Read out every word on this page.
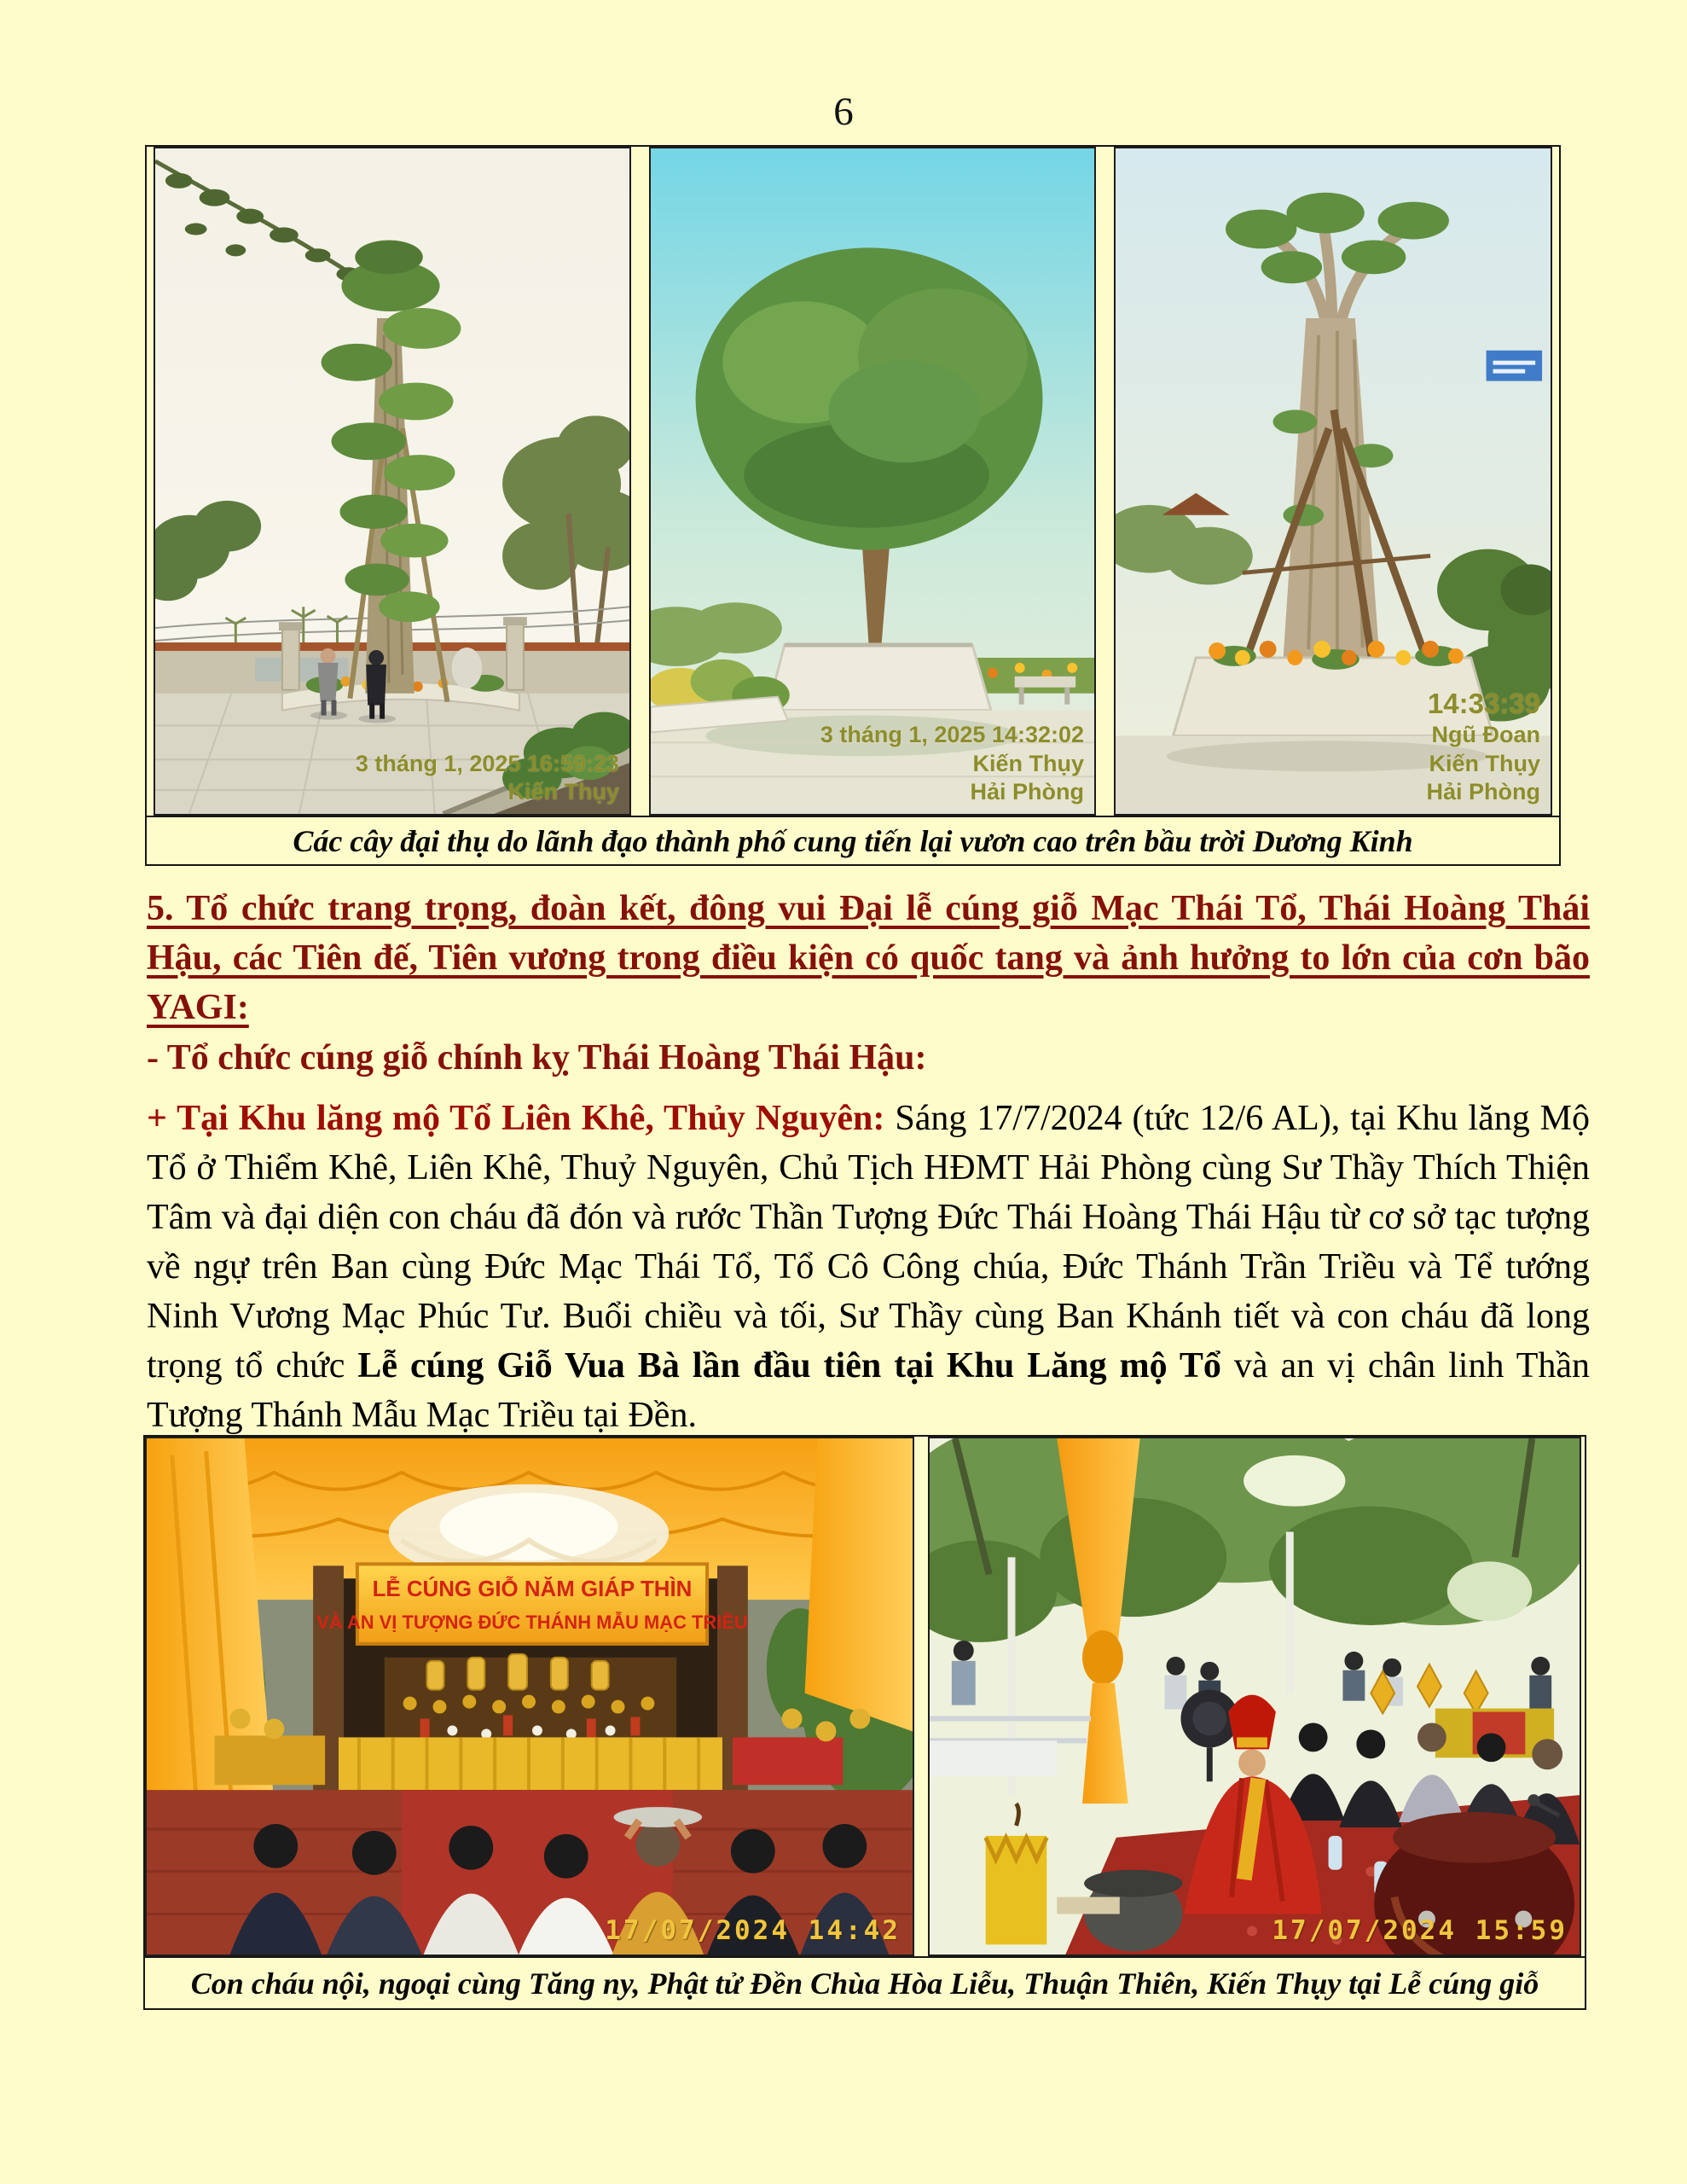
6
3 tháng 1, 2025 16:59:23
Kiến Thụy
3 tháng 1, 2025 14:32:02
Kiến Thụy
Hải Phòng
14:33:39
Ngũ Đoan
Kiến Thụy
Hải Phòng
Các cây đại thụ do lãnh đạo thành phố cung tiến lại vươn cao trên bầu trời Dương Kinh
5. Tổ chức trang trọng, đoàn kết, đông vui Đại lễ cúng giỗ Mạc Thái Tổ, Thái Hoàng Thái Hậu, các Tiên đế, Tiên vương trong điều kiện có quốc tang và ảnh hưởng to lớn của cơn bão YAGI:
- Tổ chức cúng giỗ chính kỵ Thái Hoàng Thái Hậu:
+ Tại Khu lăng mộ Tổ Liên Khê, Thủy Nguyên: Sáng 17/7/2024 (tức 12/6 AL), tại Khu lăng Mộ Tổ ở Thiểm Khê, Liên Khê, Thuỷ Nguyên, Chủ Tịch HĐMT Hải Phòng cùng Sư Thầy Thích Thiện Tâm và đại diện con cháu đã đón và rước Thần Tượng Đức Thái Hoàng Thái Hậu từ cơ sở tạc tượng về ngự trên Ban cùng Đức Mạc Thái Tổ, Tổ Cô Công chúa, Đức Thánh Trần Triều và Tể tướng Ninh Vương Mạc Phúc Tư. Buổi chiều và tối, Sư Thầy cùng Ban Khánh tiết và con cháu đã long trọng tổ chức Lễ cúng Giỗ Vua Bà lần đầu tiên tại Khu Lăng mộ Tổ và an vị chân linh Thần Tượng Thánh Mẫu Mạc Triều tại Đền.
LỄ CÚNG GIỖ NĂM GIÁP THÌN
VÀ AN VỊ TƯỢNG ĐỨC THÁNH MẪU MẠC TRIỀU
17/07/2024 14:42	17/07/2024 15:59
Con cháu nội, ngoại cùng Tăng ny, Phật tử Đền Chùa Hòa Liễu, Thuận Thiên, Kiến Thụy tại Lễ cúng giỗ
